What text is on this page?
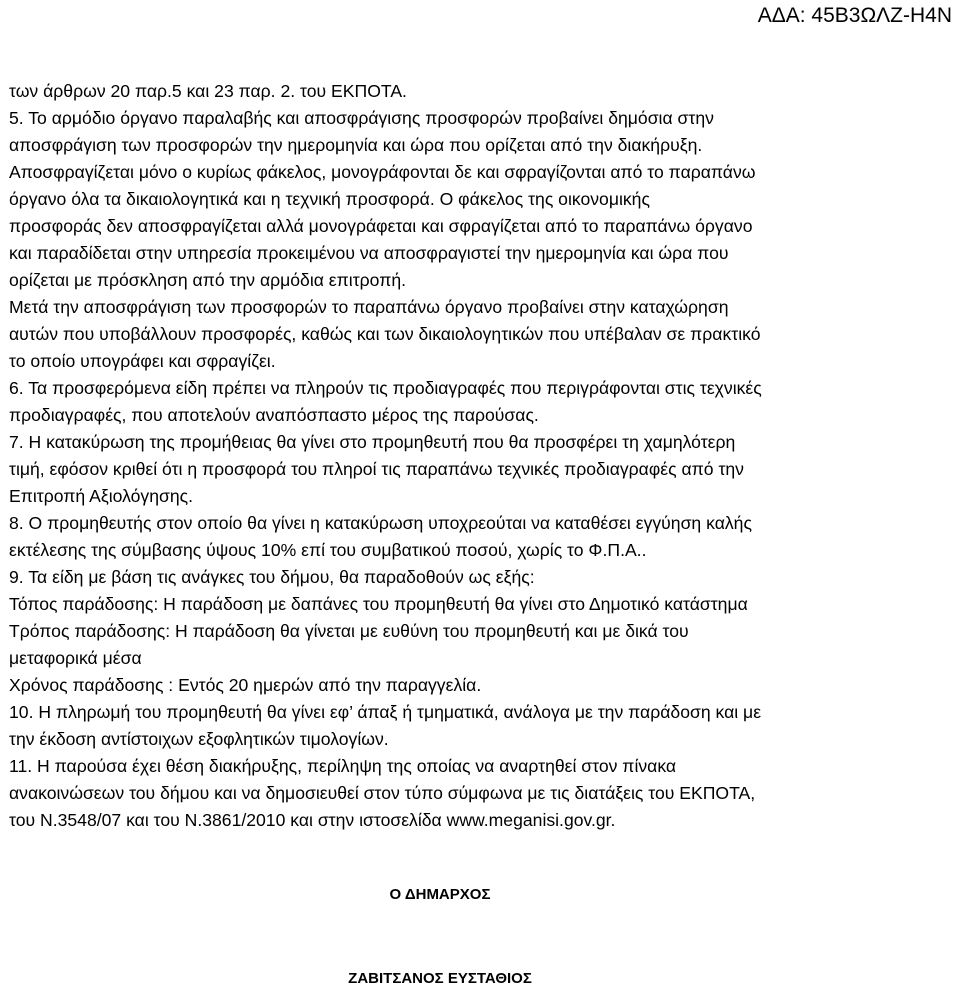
ΑΔΑ: 45Β3ΩΛΖ-Η4Ν
των άρθρων 20 παρ.5 και 23 παρ. 2. του ΕΚΠΟΤΑ.
5. Το αρμόδιο όργανο παραλαβής και αποσφράγισης προσφορών προβαίνει δημόσια στην
αποσφράγιση των προσφορών την ημερομηνία και ώρα που ορίζεται από την διακήρυξη.
Αποσφραγίζεται μόνο ο κυρίως φάκελος, μονογράφονται δε και σφραγίζονται από το παραπάνω
όργανο όλα τα δικαιολογητικά και η τεχνική προσφορά. Ο φάκελος της οικονομικής
προσφοράς δεν αποσφραγίζεται αλλά μονογράφεται και σφραγίζεται από το παραπάνω όργανο
και παραδίδεται στην υπηρεσία προκειμένου να αποσφραγιστεί την ημερομηνία και ώρα που
ορίζεται με πρόσκληση από την αρμόδια επιτροπή.
Μετά την αποσφράγιση των προσφορών το παραπάνω όργανο προβαίνει στην καταχώρηση
αυτών που υποβάλλουν προσφορές, καθώς και των δικαιολογητικών που υπέβαλαν σε πρακτικό
το οποίο υπογράφει και σφραγίζει.
6. Τα προσφερόμενα είδη πρέπει να πληρούν τις προδιαγραφές που περιγράφονται στις τεχνικές
προδιαγραφές, που αποτελούν αναπόσπαστο μέρος της παρούσας.
7. Η κατακύρωση της προμήθειας θα γίνει στο προμηθευτή που θα προσφέρει τη χαμηλότερη
τιμή, εφόσον κριθεί ότι η προσφορά του πληροί τις παραπάνω τεχνικές προδιαγραφές από την
Επιτροπή Αξιολόγησης.
8. Ο προμηθευτής στον οποίο θα γίνει η κατακύρωση υποχρεούται να καταθέσει εγγύηση καλής
εκτέλεσης της σύμβασης ύψους 10% επί του συμβατικού ποσού, χωρίς το Φ.Π.Α..
9. Τα είδη με βάση τις ανάγκες του δήμου, θα παραδοθούν ως εξής:
Τόπος παράδοσης: Η παράδοση με δαπάνες του προμηθευτή θα γίνει στο Δημοτικό κατάστημα
Τρόπος παράδοσης: Η παράδοση θα γίνεται με ευθύνη του προμηθευτή και με δικά του
μεταφορικά μέσα
Χρόνος παράδοσης : Εντός 20 ημερών από την παραγγελία.
10. Η πληρωμή του προμηθευτή θα γίνει εφ’ άπαξ ή τμηματικά, ανάλογα με την παράδοση και με
την έκδοση αντίστοιχων εξοφλητικών τιμολογίων.
11. Η παρούσα έχει θέση διακήρυξης, περίληψη της οποίας να αναρτηθεί στον πίνακα
ανακοινώσεων του δήμου και να δημοσιευθεί στον τύπο σύμφωνα με τις διατάξεις του ΕΚΠΟΤΑ,
του Ν.3548/07 και του Ν.3861/2010 και στην ιστοσελίδα www.meganisi.gov.gr.
Ο ΔΗΜΑΡΧΟΣ
ΖΑΒΙΤΣΑΝΟΣ ΕΥΣΤΑΘΙΟΣ
